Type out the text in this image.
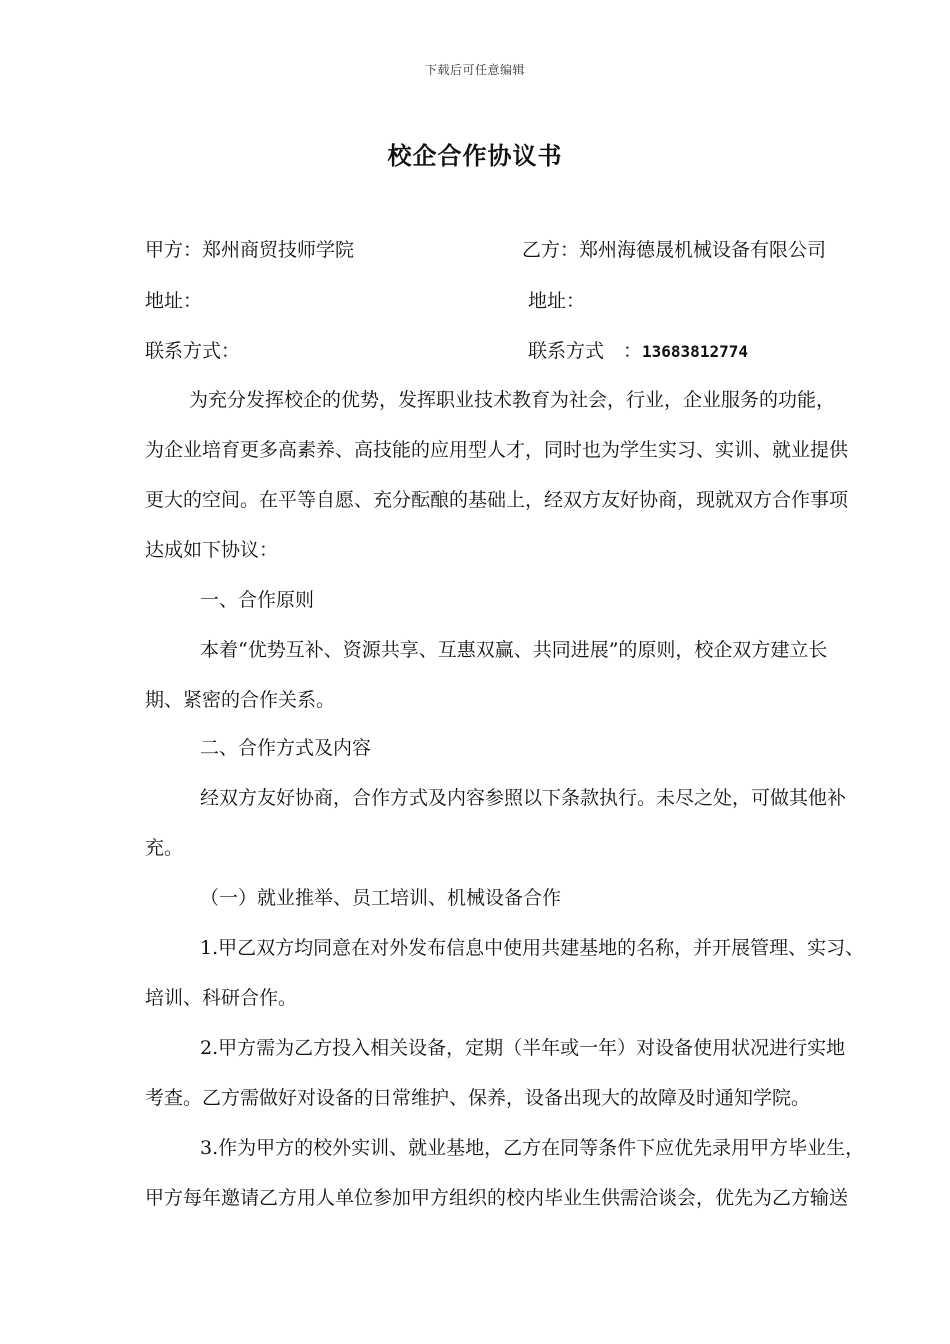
下载后可任意编辑
校企合作协议书
甲方：郑州商贸技师学院	乙方：郑州海德晟机械设备有限公司
地址：	地址：
联系方式：	联系方式　：13683812774
为充分发挥校企的优势，发挥职业技术教育为社会，行业，企业服务的功能，
为企业培育更多高素养、高技能的应用型人才，同时也为学生实习、实训、就业提供
更大的空间。在平等自愿、充分酝酿的基础上，经双方友好协商，现就双方合作事项
达成如下协议：
一、合作原则
本着“优势互补、资源共享、互惠双赢、共同进展”的原则，校企双方建立长
期、紧密的合作关系。
二、合作方式及内容
经双方友好协商，合作方式及内容参照以下条款执行。未尽之处，可做其他补
充。
（一）就业推举、员工培训、机械设备合作
1.甲乙双方均同意在对外发布信息中使用共建基地的名称，并开展管理、实习、
培训、科研合作。
2.甲方需为乙方投入相关设备，定期（半年或一年）对设备使用状况进行实地
考查。乙方需做好对设备的日常维护、保养，设备出现大的故障及时通知学院。
3.作为甲方的校外实训、就业基地，乙方在同等条件下应优先录用甲方毕业生，
甲方每年邀请乙方用人单位参加甲方组织的校内毕业生供需洽谈会，优先为乙方输送
